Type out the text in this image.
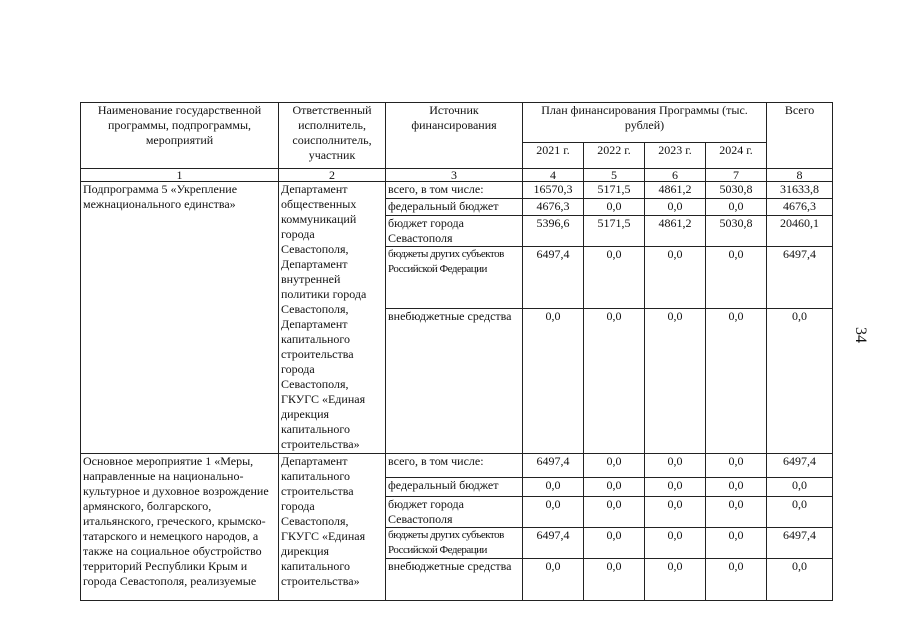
34
Наименование государственной программы, подпрограммы, мероприятий	Ответственный исполнитель, соисполнитель, участник	Источник финансирования	План финансирования Программы (тыс. рублей)				Всего
			2021 г.	2022 г.	2023 г.	2024 г.	
1	2	3	4	5	6	7	8
Подпрограмма 5 «Укрепление межнационального единства»	Департамент общественных коммуникаций города Севастополя, Департамент внутренней политики города Севастополя, Департамент капитального строительства города Севастополя, ГКУГС «Единая дирекция капитального строительства»	всего, в том числе:	16570,3	5171,5	4861,2	5030,8	31633,8
		федеральный бюджет	4676,3	0,0	0,0	0,0	4676,3
		бюджет города Севастополя	5396,6	5171,5	4861,2	5030,8	20460,1
		бюджеты других субъектов Российской Федерации	6497,4	0,0	0,0	0,0	6497,4
		внебюджетные средства	0,0	0,0	0,0	0,0	0,0
Основное мероприятие 1 «Меры, направленные на национально-культурное и духовное возрождение армянского, болгарского, итальянского, греческого, крымско-татарского и немецкого народов, а также на социальное обустройство территорий Республики Крым и города Севастополя, реализуемые	Департамент капитального строительства города Севастополя, ГКУГС «Единая дирекция капитального строительства»	всего, в том числе:	6497,4	0,0	0,0	0,0	6497,4
		федеральный бюджет	0,0	0,0	0,0	0,0	0,0
		бюджет города Севастополя	0,0	0,0	0,0	0,0	0,0
		бюджеты других субъектов Российской Федерации	6497,4	0,0	0,0	0,0	6497,4
		внебюджетные средства	0,0	0,0	0,0	0,0	0,0
